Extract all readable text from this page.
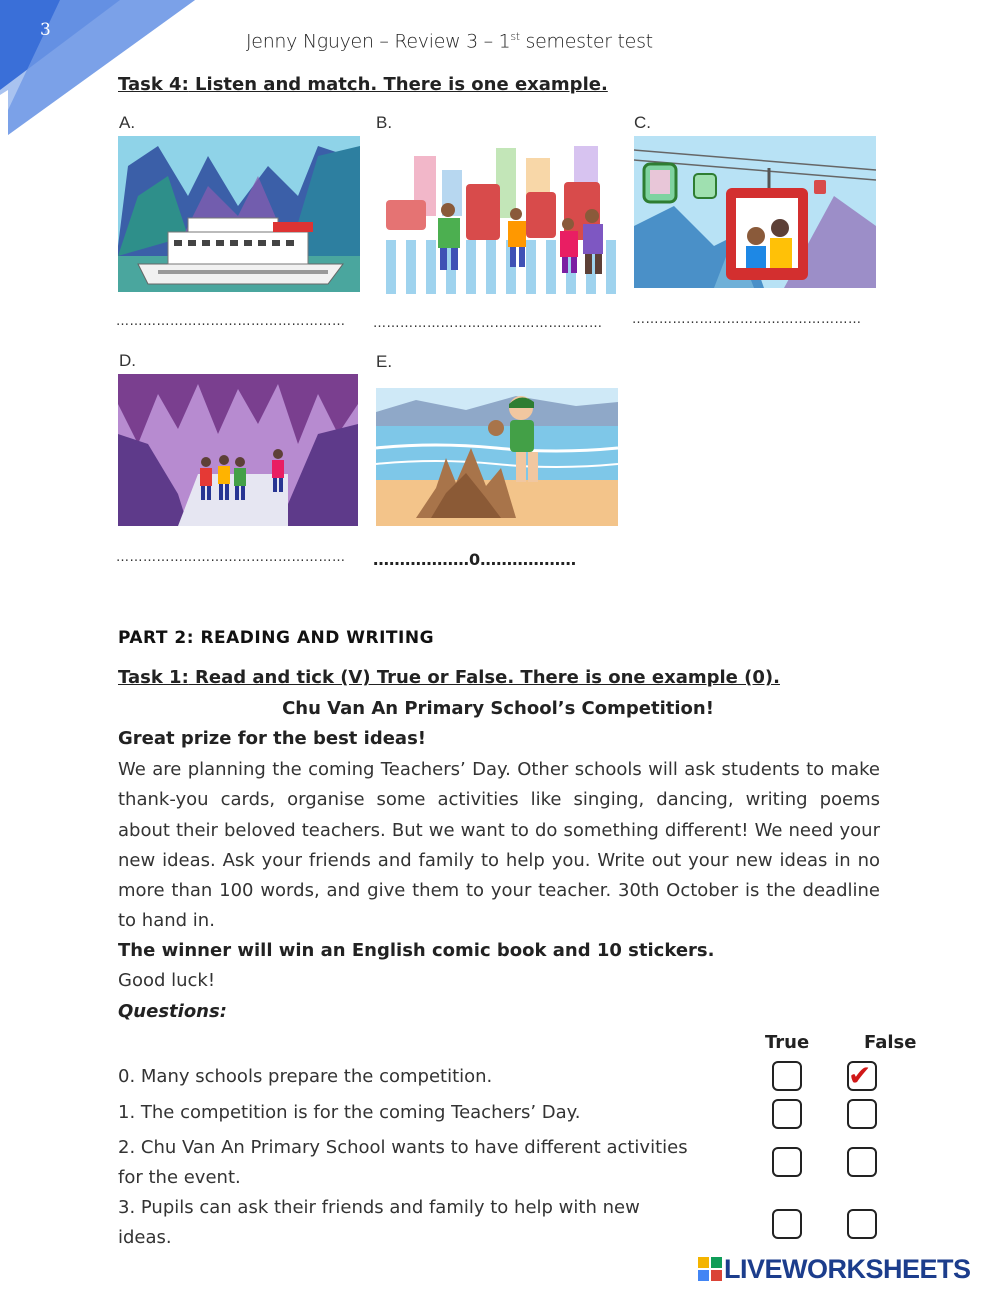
3
Jenny Nguyen – Review 3 – 1st semester test
Task 4: Listen and match. There is one example.
A.
……………………………………………
B.
……………………………………………
C.
……………………………………………
D.
……………………………………………
E.
………………0………………
PART 2: READING AND WRITING
Task 1: Read and tick (V) True or False. There is one example (0).
Chu Van An Primary School’s Competition!
Great prize for the best ideas!
We are planning the coming Teachers’ Day. Other schools will ask students to make thank-you cards, organise some activities like singing, dancing, writing poems about their beloved teachers. But we want to do something different! We need your new ideas. Ask your friends and family to help you. Write out your new ideas in no more than 100 words, and give them to your teacher. 30th October is the deadline to hand in.
The winner will win an English comic book and 10 stickers.
Good luck!
Questions:
True	False
0. Many schools prepare the competition.	✔
1. The competition is for the coming Teachers’ Day.
2. Chu Van An Primary School wants to have different activities
for the event.
3. Pupils can ask their friends and family to help with new
ideas.
LIVEWORKSHEETS
